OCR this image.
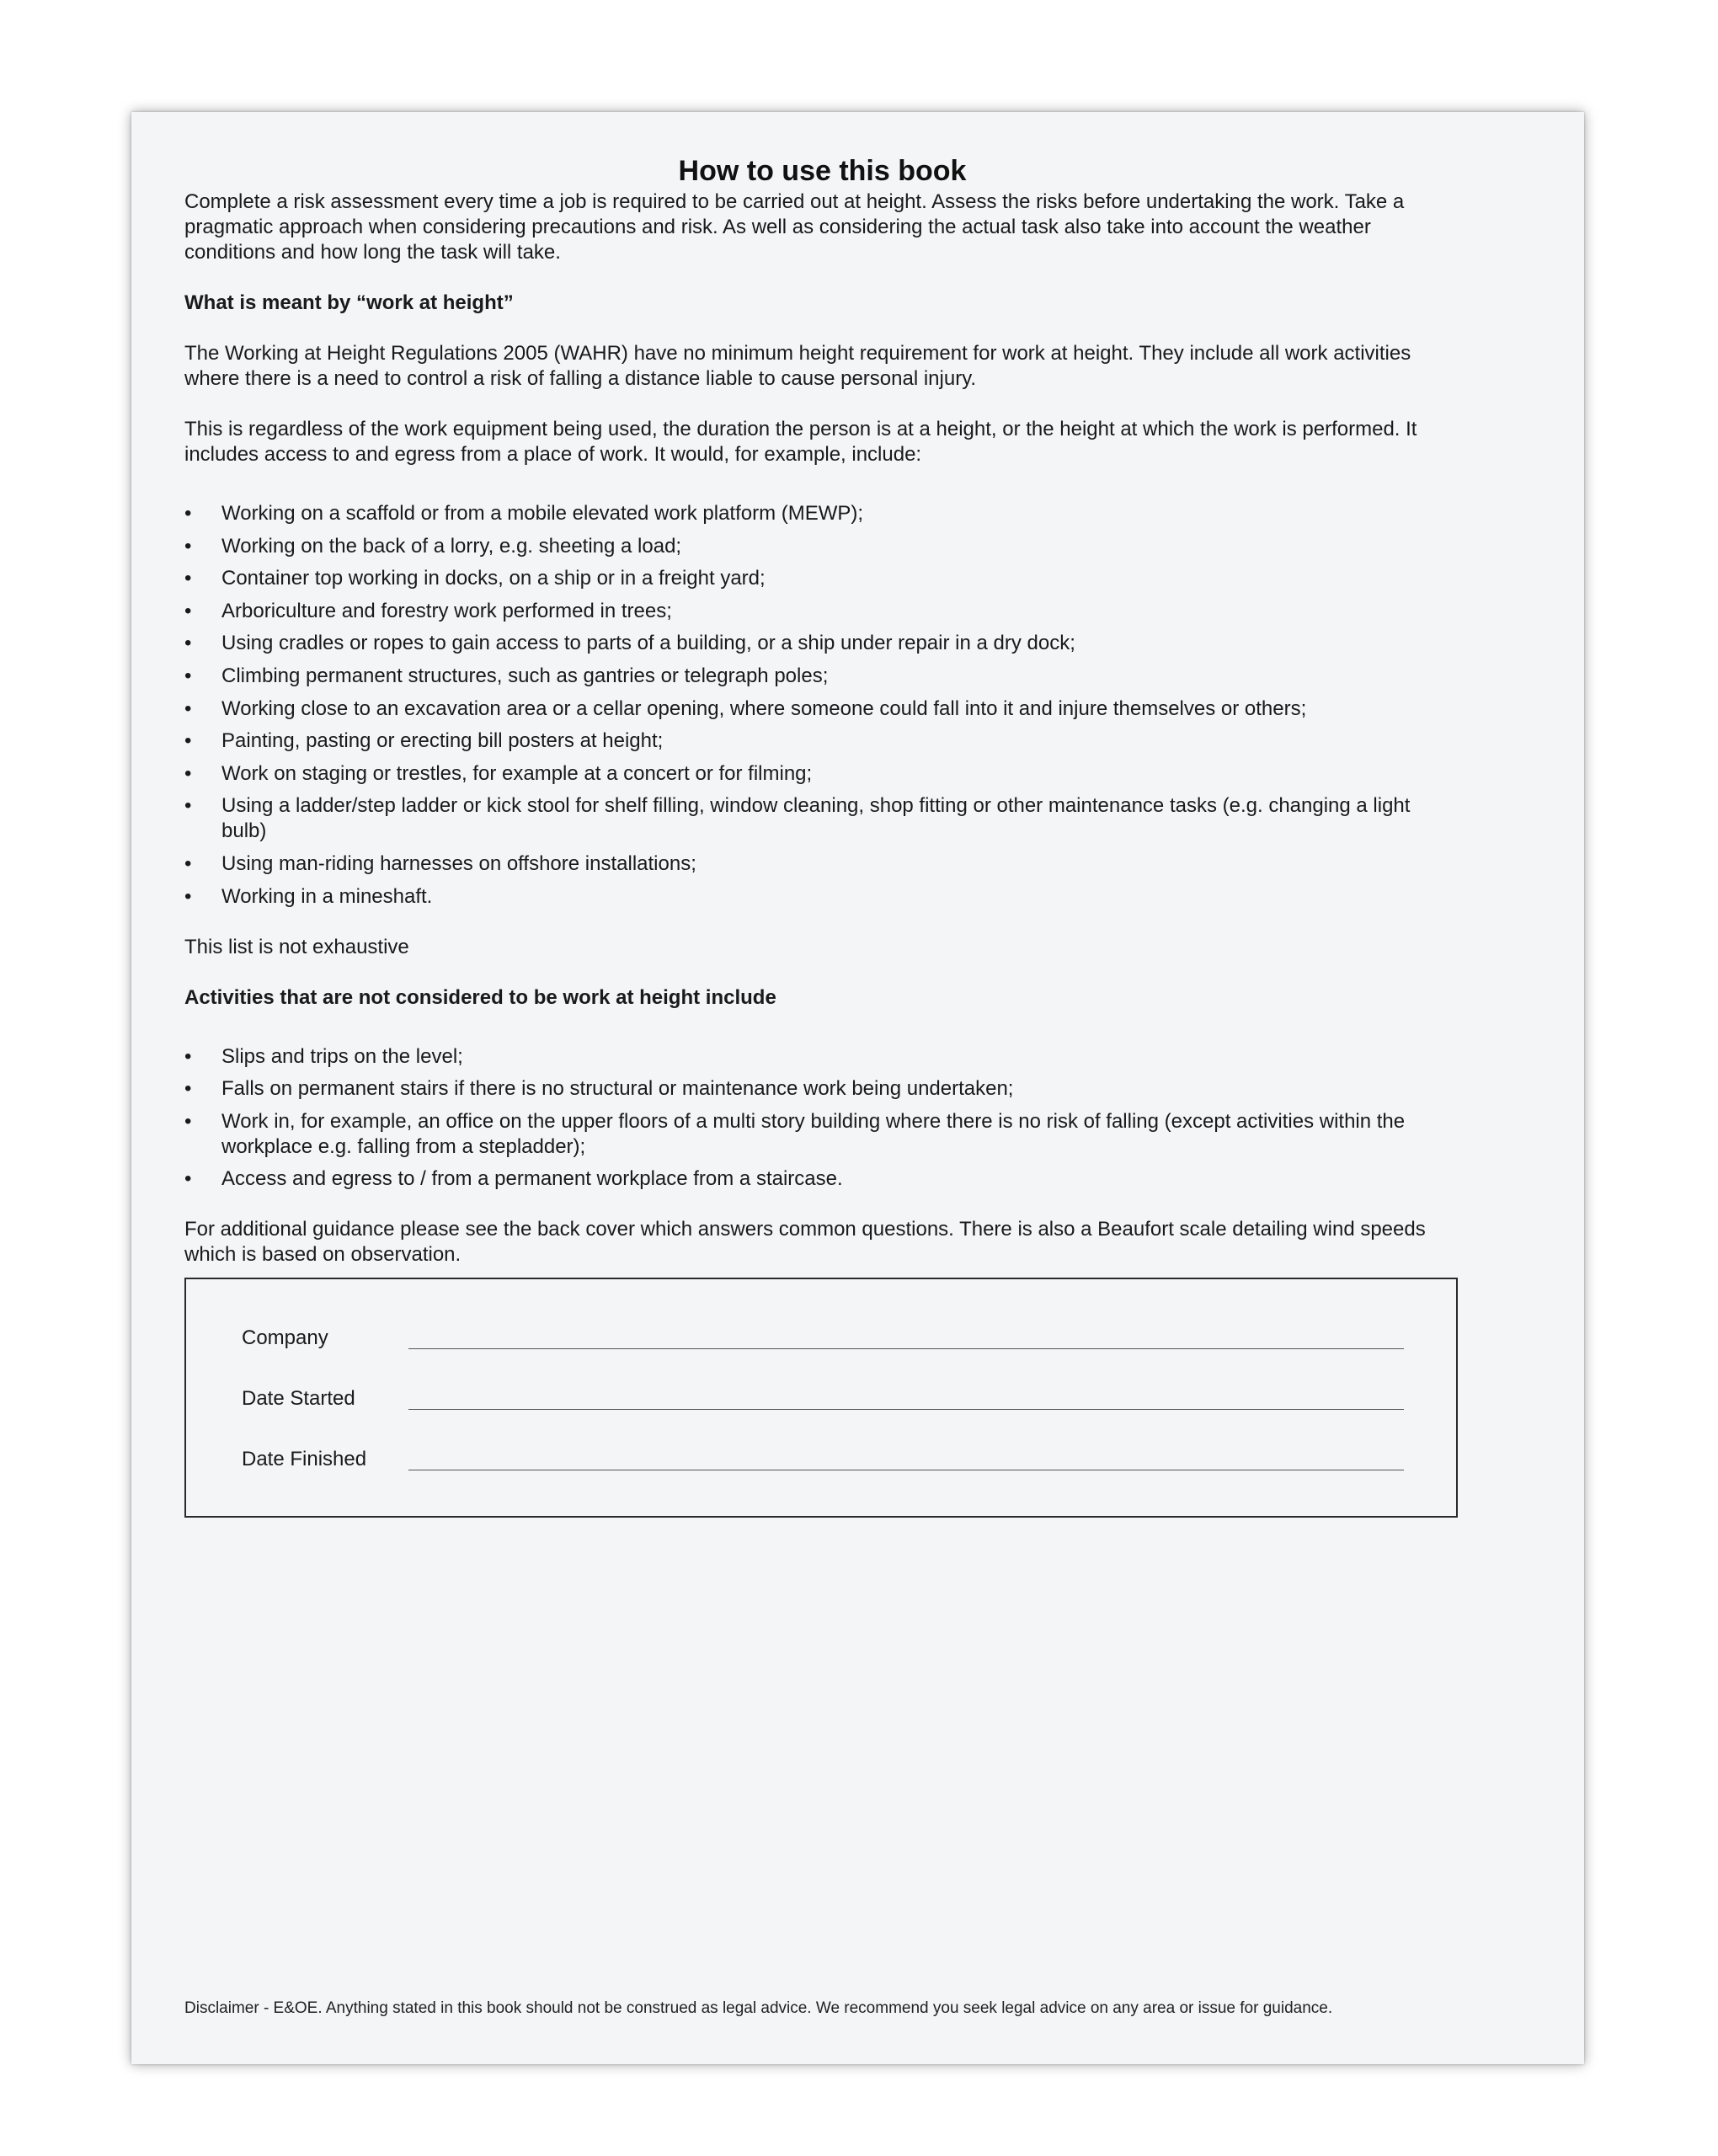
How to use this book

Complete a risk assessment every time a job is required to be carried out at height. Assess the risks before undertaking the work. Take a pragmatic approach when considering precautions and risk. As well as considering the actual task also take into account the weather conditions and how long the task will take.

What is meant by “work at height”

The Working at Height Regulations 2005 (WAHR) have no minimum height requirement for work at height. They include all work activities where there is a need to control a risk of falling a distance liable to cause personal injury.

This is regardless of the work equipment being used, the duration the person is at a height, or the height at which the work is performed. It includes access to and egress from a place of work. It would, for example, include:

• Working on a scaffold or from a mobile elevated work platform (MEWP);
• Working on the back of a lorry, e.g. sheeting a load;
• Container top working in docks, on a ship or in a freight yard;
• Arboriculture and forestry work performed in trees;
• Using cradles or ropes to gain access to parts of a building, or a ship under repair in a dry dock;
• Climbing permanent structures, such as gantries or telegraph poles;
• Working close to an excavation area or a cellar opening, where someone could fall into it and injure themselves or others;
• Painting, pasting or erecting bill posters at height;
• Work on staging or trestles, for example at a concert or for filming;
• Using a ladder/step ladder or kick stool for shelf filling, window cleaning, shop fitting or other maintenance tasks (e.g. changing a light bulb)
• Using man-riding harnesses on offshore installations;
• Working in a mineshaft.

This list is not exhaustive

Activities that are not considered to be work at height include
• Slips and trips on the level;
• Falls on permanent stairs if there is no structural or maintenance work being undertaken;
• Work in, for example, an office on the upper floors of a multi story building where there is no risk of falling (except activities within the workplace e.g. falling from a stepladder);
• Access and egress to / from a permanent workplace from a staircase.

For additional guidance please see the back cover which answers common questions. There is also a Beaufort scale detailing wind speeds which is based on observation.

Company
Date Started
Date Finished
Disclaimer - E&OE. Anything stated in this book should not be construed as legal advice. We recommend you seek legal advice on any area or issue for guidance.
